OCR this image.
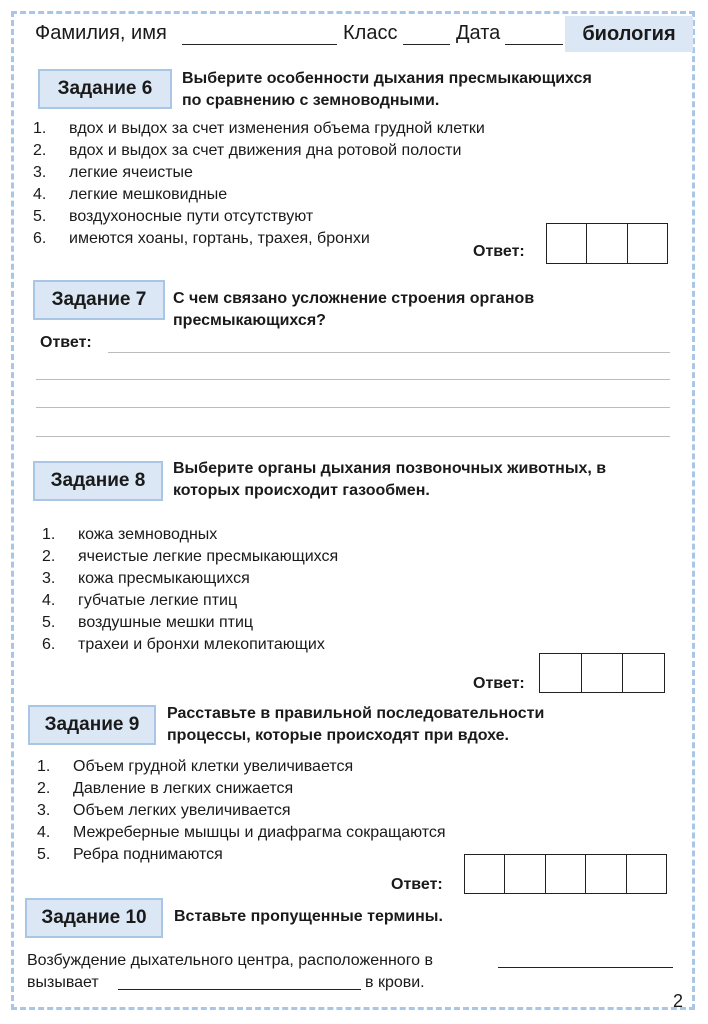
Фамилия, имя	Класс	Дата	биология
Задание 6	Выберите особенности дыхания пресмыкающихся
по сравнению с земноводными.
1.	вдох и выдох за счет изменения объема грудной клетки
2.	вдох и выдох за счет движения дна ротовой полости
3.	легкие ячеистые
4.	легкие мешковидные
5.	воздухоносные пути отсутствуют
6.	имеются хоаны, гортань, трахея, бронхи
Ответ:
Задание 7	С чем связано усложнение строения органов
пресмыкающихся?
Ответ:
Задание 8
Выберите органы дыхания позвоночных животных, в
которых происходит газообмен.
1.	кожа земноводных
2.	ячеистые легкие пресмыкающихся
3.	кожа пресмыкающихся
4.	губчатые легкие птиц
5.	воздушные мешки птиц
6.	трахеи и бронхи млекопитающих
Ответ:
Задание 9
Расставьте в правильной последовательности
процессы, которые происходят при вдохе.
1.	Объем грудной клетки увеличивается
2.	Давление в легких снижается
3.	Объем легких увеличивается
4.	Межреберные мышцы и диафрагма сокращаются
5.	Ребра поднимаются
Ответ:
Задание 10	Вставьте пропущенные термины.
Возбуждение дыхательного центра, расположенного в
вызывает	в крови.
2
